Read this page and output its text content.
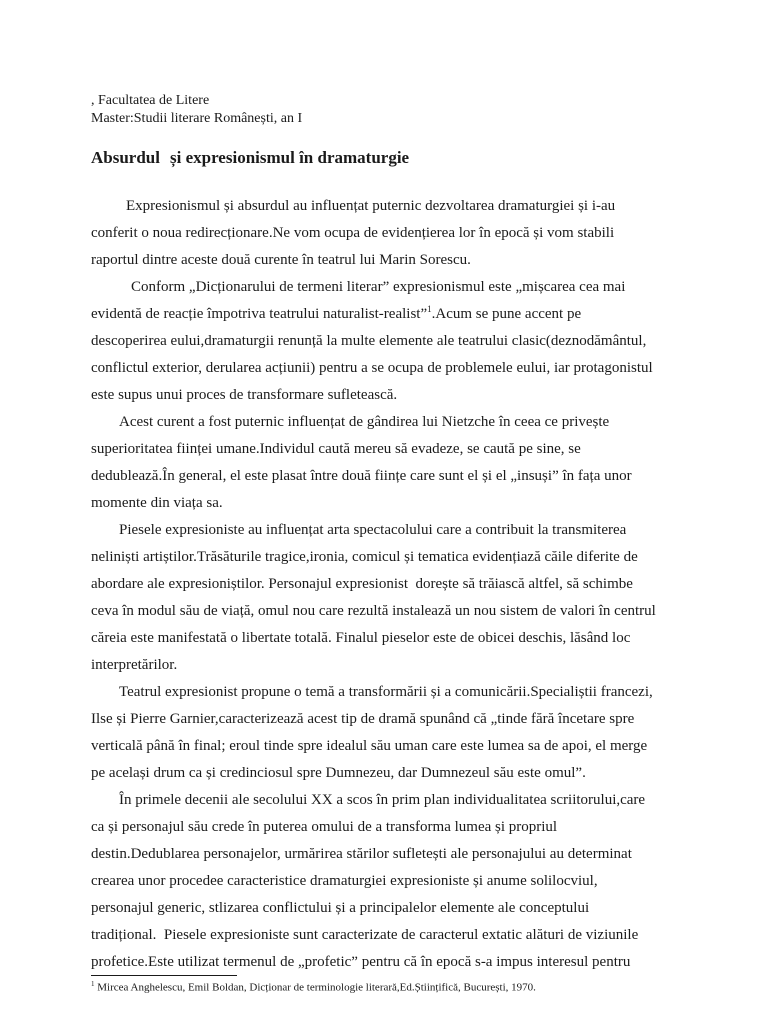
, Facultatea de Litere
Master:Studii literare Românești, an I
Absurdul și expresionismul în dramaturgie
Expresionismul și absurdul au influențat puternic dezvoltarea dramaturgiei și i-au
conferit o noua redirecționare.Ne vom ocupa de evidențierea lor în epocă și vom stabili
raportul dintre aceste două curente în teatrul lui Marin Sorescu.
Conform „Dicționarului de termeni literar” expresionismul este „mișcarea cea mai
evidentă de reacție împotriva teatrului naturalist-realist”$^1$.Acum se pune accent pe
descoperirea eului,dramaturgii renunță la multe elemente ale teatrului clasic(deznodământul,
conflictul exterior, derularea acțiunii) pentru a se ocupa de problemele eului, iar protagonistul
este supus unui proces de transformare sufletească.
Acest curent a fost puternic influențat de gândirea lui Nietzche în ceea ce privește
superioritatea ființei umane.Individul caută mereu să evadeze, se caută pe sine, se
dedublează.În general, el este plasat între două ființe care sunt el și el „insuși” în fața unor
momente din viața sa.
Piesele expresioniste au influențat arta spectacolului care a contribuit la transmiterea
neliniști artiștilor.Trăsăturile tragice,ironia, comicul și tematica evidențiază căile diferite de
abordare ale expresioniștilor. Personajul expresionist  dorește să trăiască altfel, să schimbe
ceva în modul său de viață, omul nou care rezultă instalează un nou sistem de valori în centrul
căreia este manifestată o libertate totală. Finalul pieselor este de obicei deschis, lăsând loc
interpretărilor.
Teatrul expresionist propune o temă a transformării și a comunicării.Specialiștii francezi,
Ilse și Pierre Garnier,caracterizează acest tip de dramă spunând că „tinde fără încetare spre
verticală până în final; eroul tinde spre idealul său uman care este lumea sa de apoi, el merge
pe același drum ca și credinciosul spre Dumnezeu, dar Dumnezeul său este omul”.
În primele decenii ale secolului XX a scos în prim plan individualitatea scriitorului,care
ca și personajul său crede în puterea omului de a transforma lumea și propriul
destin.Dedublarea personajelor, urmărirea stărilor sufletești ale personajului au determinat
crearea unor procedee caracteristice dramaturgiei expresioniste și anume solilocviul,
personajul generic, stlizarea conflictului și a principalelor elemente ale conceptului
tradițional.  Piesele expresioniste sunt caracterizate de caracterul extatic alături de viziunile
profetice.Este utilizat termenul de „profetic” pentru că în epocă s-a impus interesul pentru
$^1$ Mircea Anghelescu, Emil Boldan, Dicționar de terminologie literară,Ed.Științifică, București, 1970.
